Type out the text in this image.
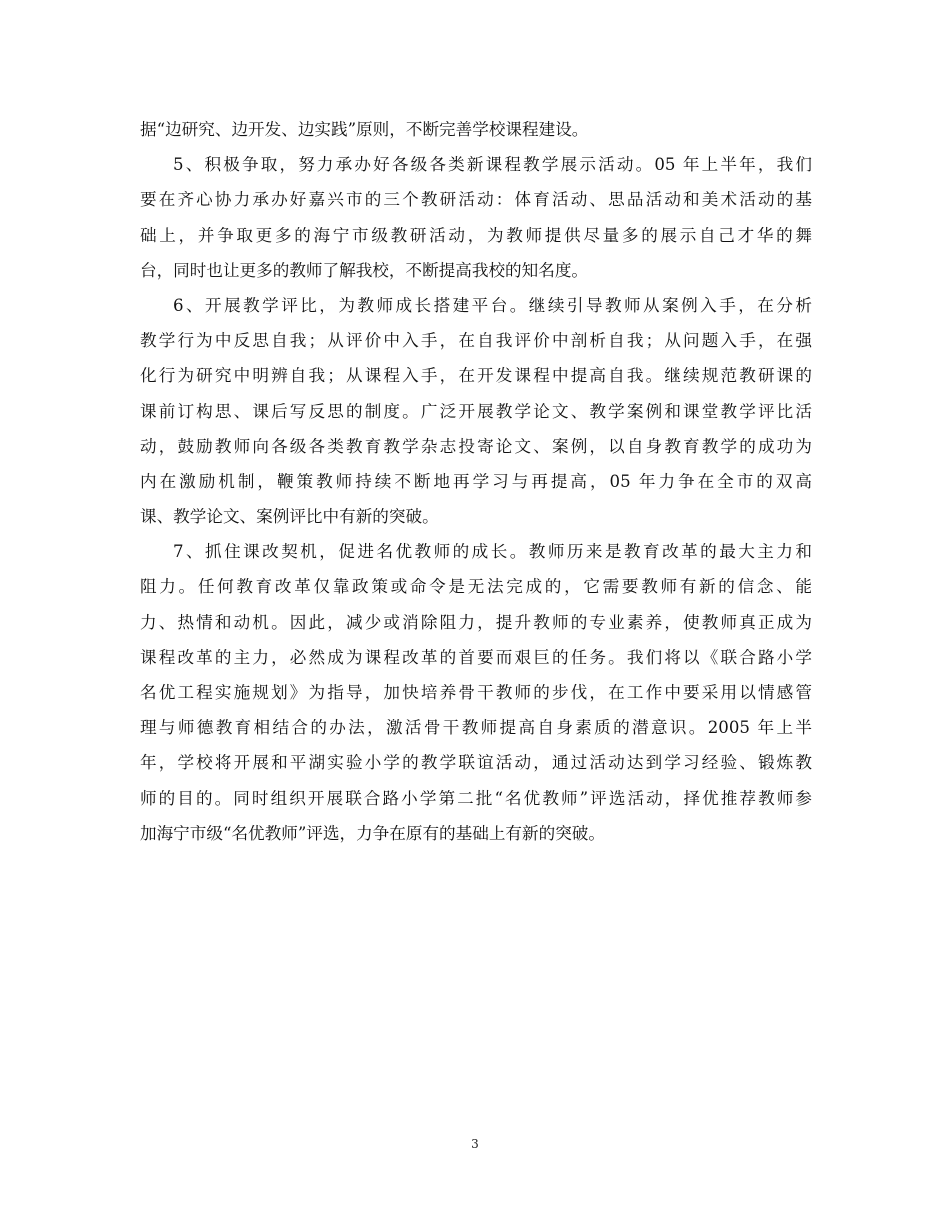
据“边研究、边开发、边实践”原则，不断完善学校课程建设。
5、积极争取，努力承办好各级各类新课程教学展示活动。05 年上半年，我们
要在齐心协力承办好嘉兴市的三个教研活动：体育活动、思品活动和美术活动的基
础上，并争取更多的海宁市级教研活动，为教师提供尽量多的展示自己才华的舞
台，同时也让更多的教师了解我校，不断提高我校的知名度。
6、开展教学评比，为教师成长搭建平台。继续引导教师从案例入手，在分析
教学行为中反思自我；从评价中入手，在自我评价中剖析自我；从问题入手，在强
化行为研究中明辨自我；从课程入手，在开发课程中提高自我。继续规范教研课的
课前订构思、课后写反思的制度。广泛开展教学论文、教学案例和课堂教学评比活
动，鼓励教师向各级各类教育教学杂志投寄论文、案例，以自身教育教学的成功为
内在激励机制，鞭策教师持续不断地再学习与再提高，05 年力争在全市的双高
课、教学论文、案例评比中有新的突破。
7、抓住课改契机，促进名优教师的成长。教师历来是教育改革的最大主力和
阻力。任何教育改革仅靠政策或命令是无法完成的，它需要教师有新的信念、能
力、热情和动机。因此，减少或消除阻力，提升教师的专业素养，使教师真正成为
课程改革的主力，必然成为课程改革的首要而艰巨的任务。我们将以《联合路小学
名优工程实施规划》为指导，加快培养骨干教师的步伐，在工作中要采用以情感管
理与师德教育相结合的办法，激活骨干教师提高自身素质的潜意识。2005 年上半
年，学校将开展和平湖实验小学的教学联谊活动，通过活动达到学习经验、锻炼教
师的目的。同时组织开展联合路小学第二批“名优教师”评选活动，择优推荐教师参
加海宁市级“名优教师”评选，力争在原有的基础上有新的突破。
3
